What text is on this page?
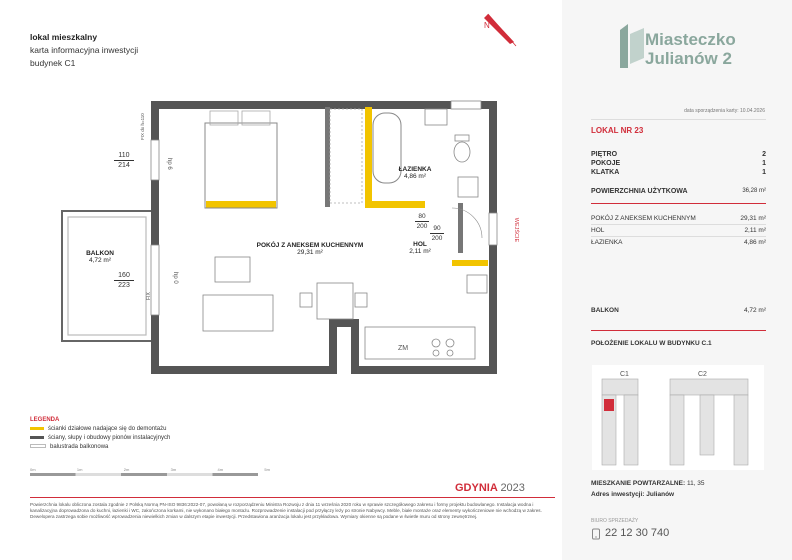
lokal mieszkalny
karta informacyjna inwestycji
budynek C1
N
Miasteczko
Julianów 2
data sporządzenia karty: 10.04.2026
LOKAL NR 23
PIĘTRO	2
POKOJE	1
KLATKA	1
POWIERZCHNIA UŻYTKOWA	36,28 m²
POKÓJ Z ANEKSEM KUCHENNYM	29,31 m²
HOL	2,11 m²
ŁAZIENKA	4,86 m²
BALKON	4,72 m²
POŁOŻENIE LOKALU W BUDYNKU C.1
C1	C2
MIESZKANIE POWTARZALNE: 11, 35
Adres inwestycji: Julianów
BIURO SPRZEDAŻY
22 12 30 740
ZM
WEJŚCIE
ŁAZIENKA
4,86 m²
POKÓJ Z ANEKSEM KUCHENNYM
29,31 m²
HOL
2,11 m²
BALKON
4,72 m²
110
214
160
223
80
200 90
200
FIX do h=110
hp 6
FIX
hp 0
LEGENDA
ścianki działowe nadające się do demontażu
ściany, słupy i obudowy pionów instalacyjnych
balustrada balkonowa
0m	1m	2m	3m	4m	5m
GDYNIA 2023
Powierzchnia lokalu obliczona zostala zgodnie z Polską Normą PN-ISO 9836:2022-07, powołaną w rozporządzeniu Ministra Rozwoju z dnia 11 września 2020 roku w sprawie szczegółowego zakresu i formy projektu budowlanego. Instalacja wodna i kanalizacyjna doprowadzona do kuchni, łazienki i WC, zakończona korkami, nie wykonano białego montażu. Rozprowadzenie instalacji pod przyłączy leży po stronie Nabywcy. Meble, białe montaże oraz elementy wykończeniowe nie wchodzą w zakres. Dewelopera zastrzega sobie możliwość wprowadzenia niewielkich zmian w dalszym etapie inwestycji. Przedstawiona aranżacja lokalu jest przykładowa. Wymiary okienne są podane w świetle muru od strony zewnętrznej.
